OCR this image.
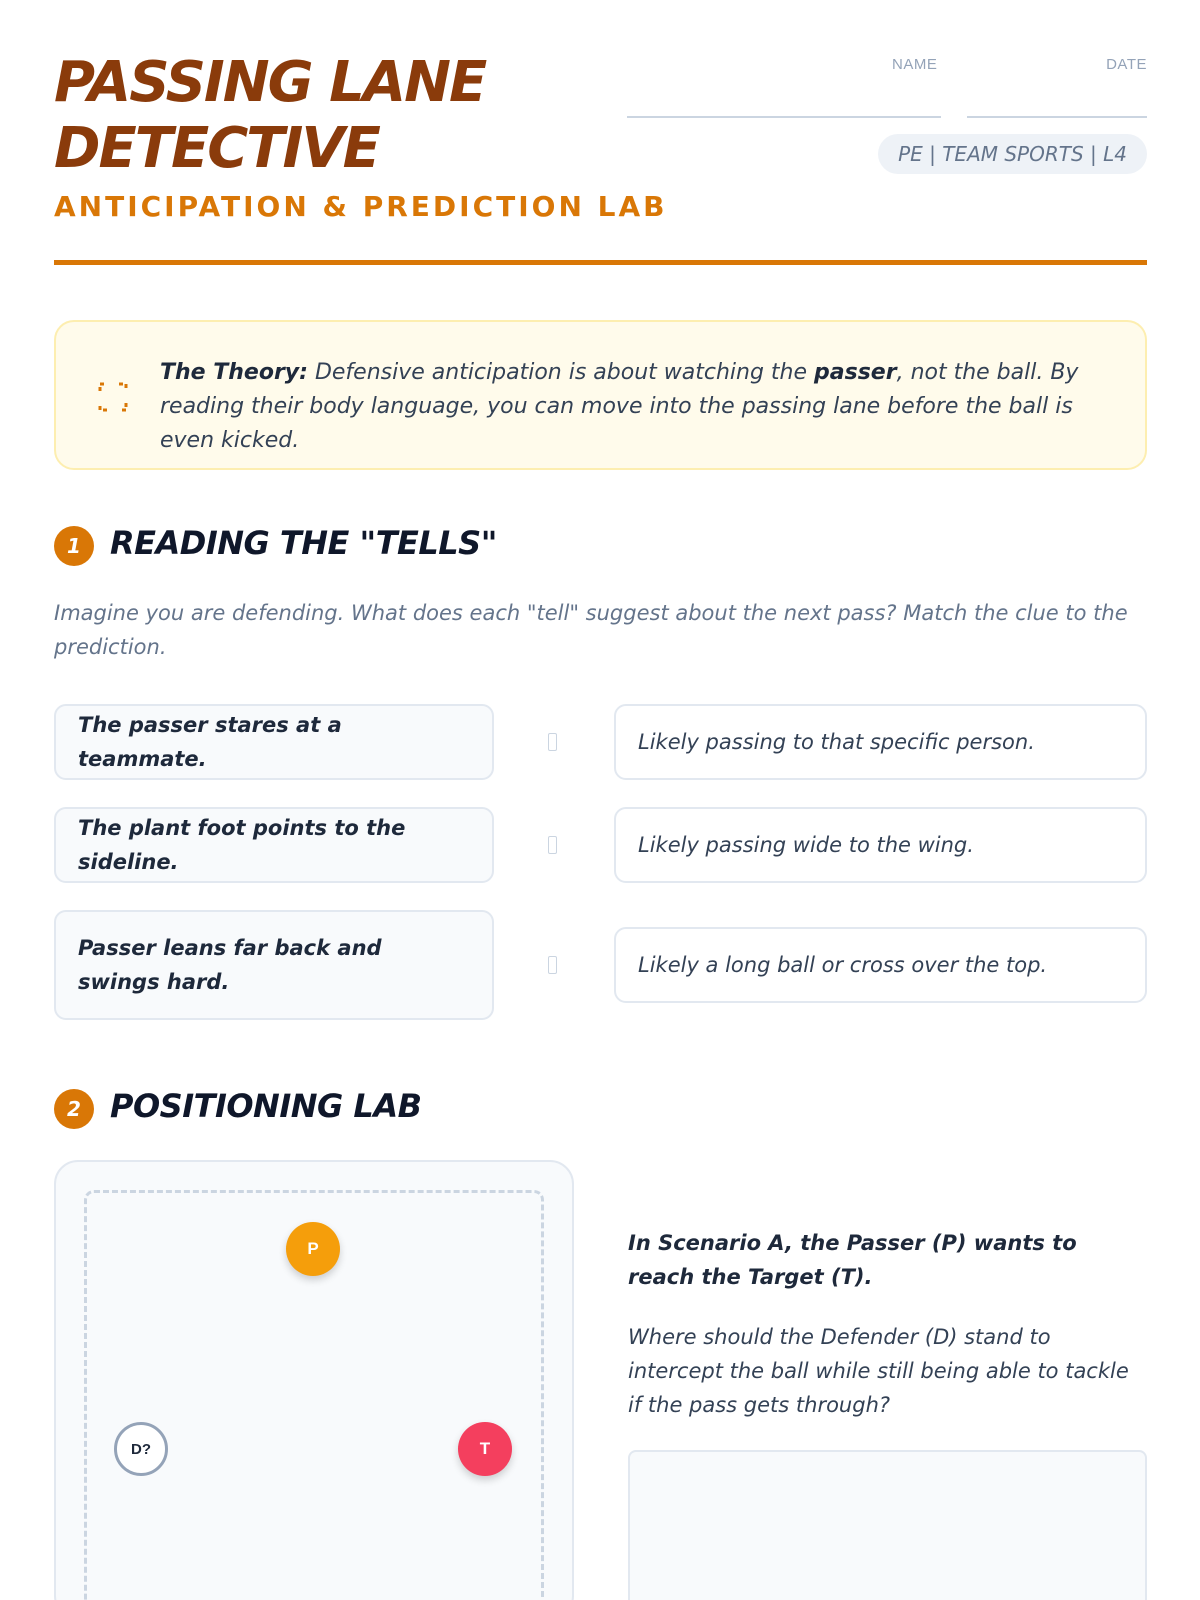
PASSING LANE
DETECTIVE
ANTICIPATION & PREDICTION LAB
NAME	DATE
PE | TEAM SPORTS | L4
The Theory: Defensive anticipation is about watching the passer, not the ball. By reading their body language, you can move into the passing lane before the ball is even kicked.
1 READING THE "TELLS"
Imagine you are defending. What does each "tell" suggest about the next pass? Match the clue to the prediction.
The passer stares at a teammate.
Likely passing to that specific person.
The plant foot points to the sideline.
Likely passing wide to the wing.
Passer leans far back and swings hard.
Likely a long ball or cross over the top.
2 POSITIONING LAB
P
D?	T
In Scenario A, the Passer (P) wants to reach the Target (T).
Where should the Defender (D) stand to intercept the ball while still being able to tackle if the pass gets through?
